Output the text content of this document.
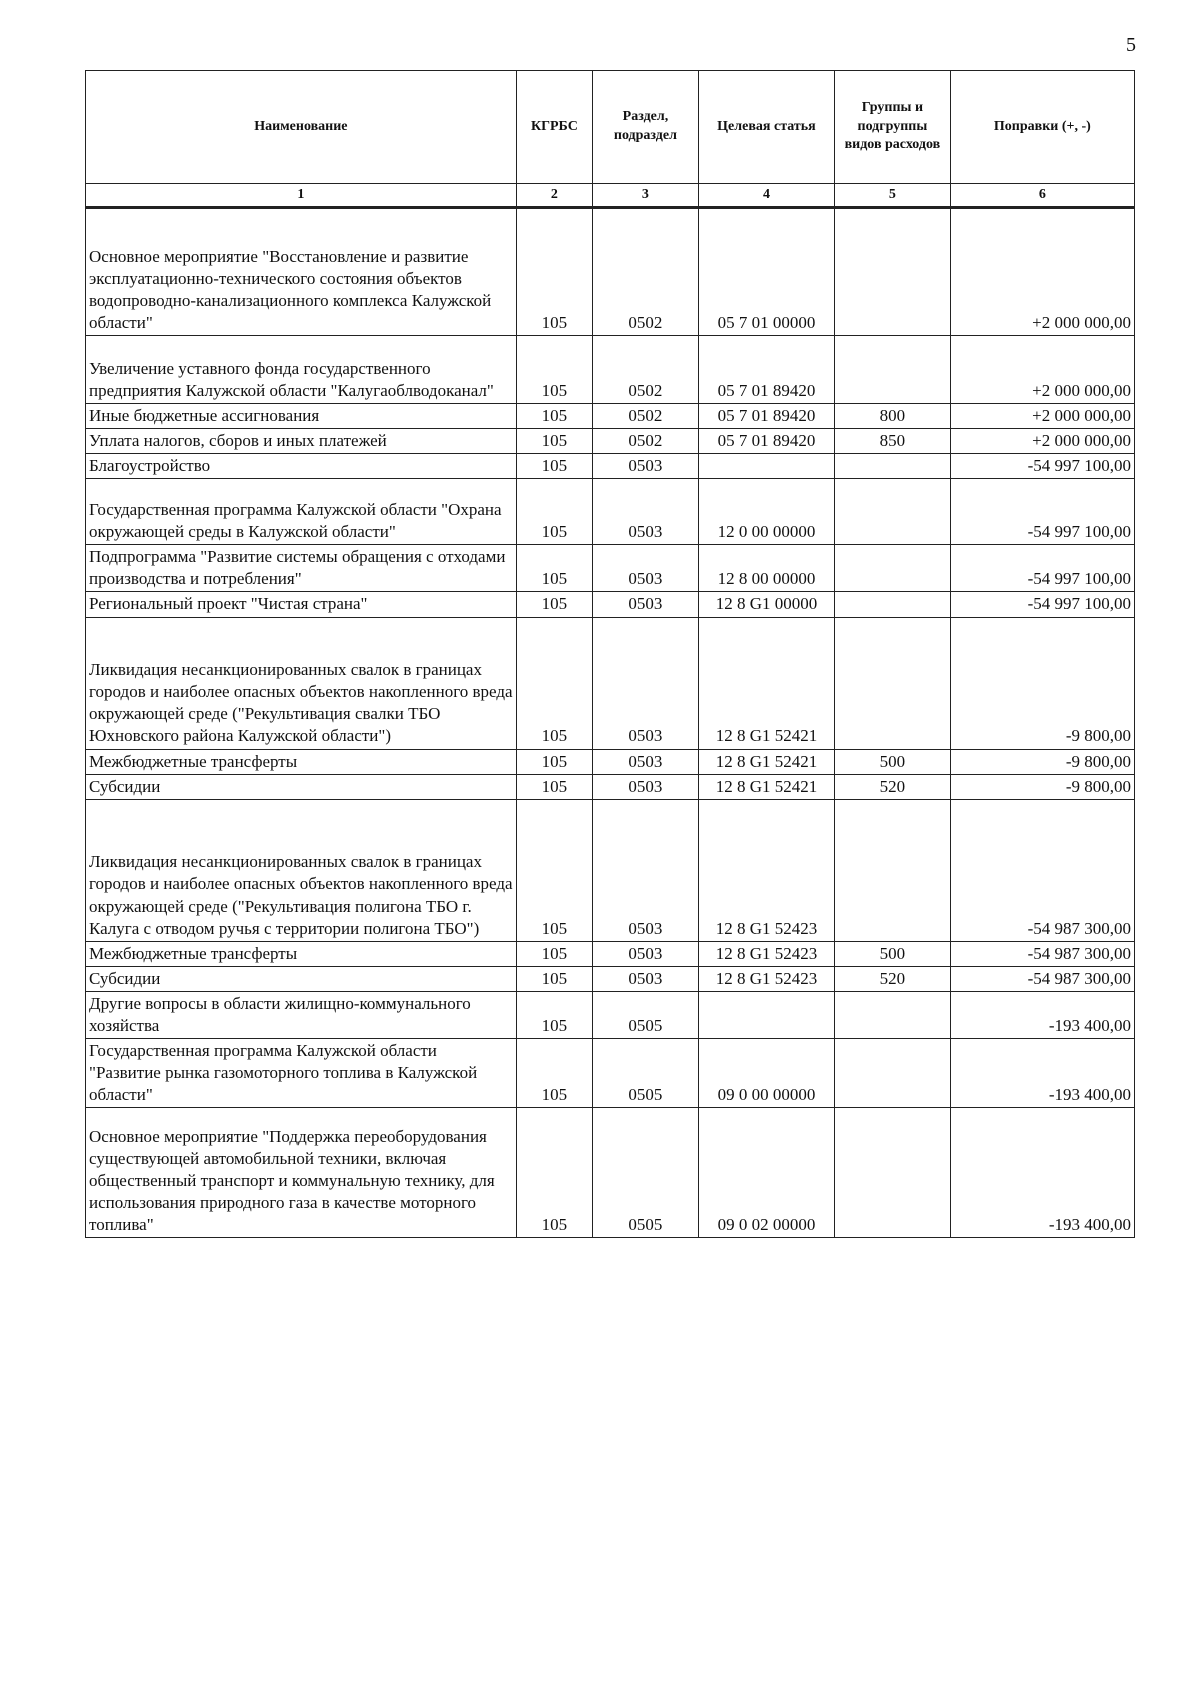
5
Наименование	КГРБС	Раздел, подраздел	Целевая статья	Группы и подгруппы видов расходов	Поправки (+, -)
1	2	3	4	5	6
Основное мероприятие "Восстановление и развитие эксплуатационно-технического состояния объектов водопроводно-канализационного комплекса Калужской области"	105	0502	05 7 01 00000		+2 000 000,00
Увеличение уставного фонда государственного предприятия Калужской области "Калугаоблводоканал"	105	0502	05 7 01 89420		+2 000 000,00
Иные бюджетные ассигнования	105	0502	05 7 01 89420	800	+2 000 000,00
Уплата налогов, сборов и иных платежей	105	0502	05 7 01 89420	850	+2 000 000,00
Благоустройство	105	0503			-54 997 100,00
Государственная программа Калужской области "Охрана окружающей среды в Калужской области"	105	0503	12 0 00 00000		-54 997 100,00
Подпрограмма "Развитие системы обращения с отходами производства и потребления"	105	0503	12 8 00 00000		-54 997 100,00
Региональный проект "Чистая страна"	105	0503	12 8 G1 00000		-54 997 100,00
Ликвидация несанкционированных свалок в границах городов и наиболее опасных объектов накопленного вреда окружающей среде ("Рекультивация свалки ТБО Юхновского района Калужской области")	105	0503	12 8 G1 52421		-9 800,00
Межбюджетные трансферты	105	0503	12 8 G1 52421	500	-9 800,00
Субсидии	105	0503	12 8 G1 52421	520	-9 800,00
Ликвидация несанкционированных свалок в границах городов и наиболее опасных объектов накопленного вреда окружающей среде ("Рекультивация полигона ТБО г. Калуга с отводом ручья с территории полигона ТБО")	105	0503	12 8 G1 52423		-54 987 300,00
Межбюджетные трансферты	105	0503	12 8 G1 52423	500	-54 987 300,00
Субсидии	105	0503	12 8 G1 52423	520	-54 987 300,00
Другие вопросы в области жилищно-коммунального хозяйства	105	0505			-193 400,00
Государственная программа Калужской области "Развитие рынка газомоторного топлива в Калужской области"	105	0505	09 0 00 00000		-193 400,00
Основное мероприятие "Поддержка переоборудования существующей автомобильной техники, включая общественный транспорт и коммунальную технику, для использования природного газа в качестве моторного топлива"	105	0505	09 0 02 00000		-193 400,00
